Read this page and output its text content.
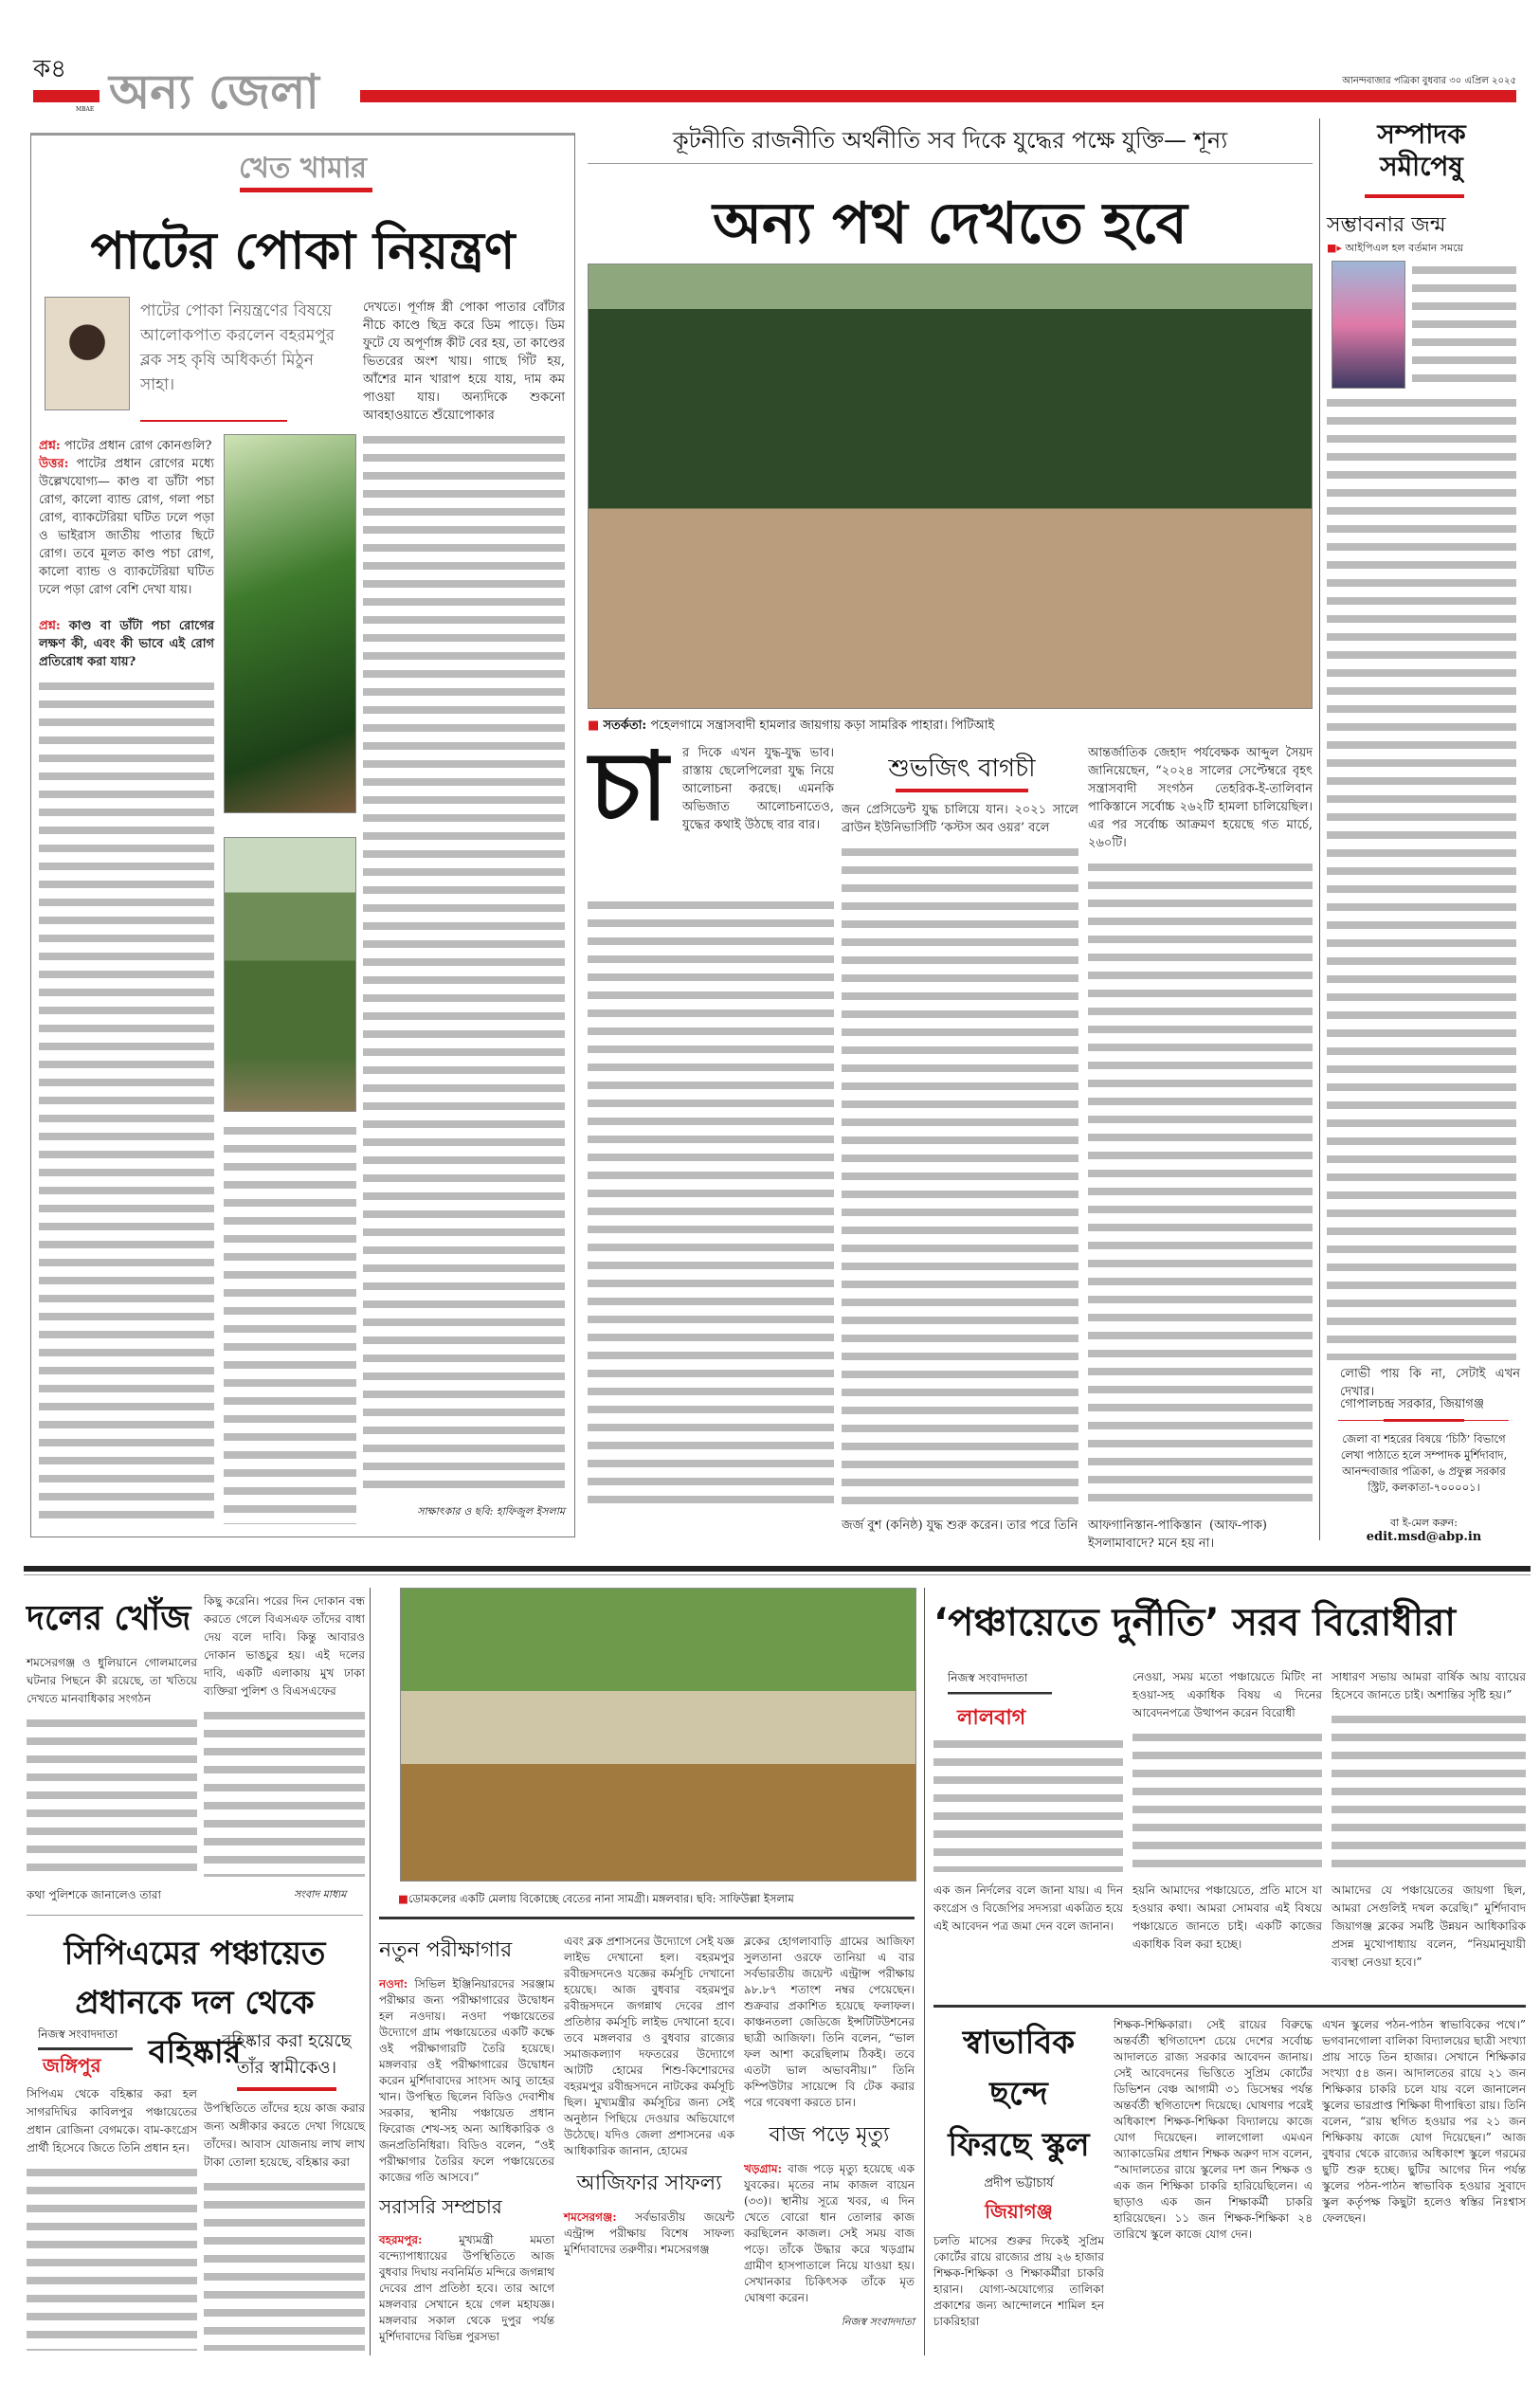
ক৪
MBAE অন্য জেলা	আনন্দবাজার পত্রিকা বুধবার ৩০ এপ্রিল ২০২৫
খেত খামার
পাটের পোকা নিয়ন্ত্রণ
পাটের পোকা নিয়ন্ত্রণের বিষয়ে আলোকপাত করলেন বহরমপুর ব্লক সহ কৃষি অধিকর্তা মিঠুন সাহা।
দেখতে। পূর্ণাঙ্গ স্ত্রী পোকা পাতার বোঁটার নীচে কাণ্ডে ছিদ্র করে ডিম পাড়ে। ডিম ফুটে যে অপূর্ণাঙ্গ কীট বের হয়, তা কাণ্ডের ভিতরের অংশ খায়। গাছে গিঁট হয়, আঁশের মান খারাপ হয়ে যায়, দাম কম পাওয়া যায়। অন্যদিকে শুকনো আবহাওয়াতে শুঁয়োপোকার
সাক্ষাৎকার ও ছবি: হাফিজুল ইসলাম
প্রশ্ন: পাটের প্রধান রোগ কোনগুলি?
উত্তর: পাটের প্রধান রোগের মধ্যে উল্লেখযোগ্য— কাণ্ড বা ডাঁটা পচা রোগ, কালো ব্যান্ড রোগ, গলা পচা রোগ, ব্যাকটেরিয়া ঘটিত ঢলে পড়া ও ভাইরাস জাতীয় পাতার ছিটে রোগ। তবে মূলত কাণ্ড পচা রোগ, কালো ব্যান্ড ও ব্যাকটেরিয়া ঘটিত ঢলে পড়া রোগ বেশি দেখা যায়।

প্রশ্ন: কাণ্ড বা ডাঁটা পচা রোগের লক্ষণ কী, এবং কী ভাবে এই রোগ প্রতিরোধ করা যায়?
কূটনীতি রাজনীতি অর্থনীতি সব দিকে যুদ্ধের পক্ষে যুক্তি— শূন্য
অন্য পথ দেখতে হবে
■ সতর্কতা: পহেলগামে সন্ত্রাসবাদী হামলার জায়গায় কড়া সামরিক পাহারা। পিটিআই
চা র দিকে এখন যুদ্ধ-যুদ্ধ ভাব। রাস্তায় ছেলেপিলেরা যুদ্ধ নিয়ে আলোচনা করছে। এমনকি অভিজাত আলোচনাতেও, যুদ্ধের কথাই উঠছে বার বার।
শুভজিৎ বাগচী
জন প্রেসিডেন্ট যুদ্ধ চালিয়ে যান। ২০২১ সালে ব্রাউন ইউনিভার্সিটি ‘কস্টস অব ওয়র’ বলে
আন্তর্জাতিক জেহাদ পর্যবেক্ষক আব্দুল সৈয়দ জানিয়েছেন, “২০২৪ সালের সেপ্টেম্বরে বৃহৎ সন্ত্রাসবাদী সংগঠন তেহরিক-ই-তালিবান পাকিস্তানে সর্বোচ্চ ২৬২টি হামলা চালিয়েছিল। এর পর সর্বোচ্চ আক্রমণ হয়েছে গত মার্চে, ২৬০টি।
জর্জ বুশ (কনিষ্ঠ) যুদ্ধ শুরু করেন। তার পরে তিনি আফগানিস্তান-পাকিস্তান (আফ-পাক)
ইসলামাবাদে? মনে হয় না।
সম্পাদক
সমীপেষু
সম্ভাবনার জন্ম
■▸ আইপিএল হল বর্তমান সময়ে
লোভী পায় কি না, সেটাই এখন দেখার।
গোপালচন্দ্র সরকার, জিয়াগঞ্জ
জেলা বা শহরের বিষয়ে ‘চিঠি’ বিভাগে লেখা পাঠাতে হলে সম্পাদক মুর্শিদাবাদ, আনন্দবাজার পত্রিকা, ৬ প্রফুল্ল সরকার স্ট্রিট, কলকাতা-৭০০০০১।
বা ই-মেল করুন:
edit.msd@abp.in
দলের খোঁজ
শমসেরগঞ্জ ও ধুলিয়ানে গোলমালের ঘটনার পিছনে কী রয়েছে, তা খতিয়ে দেখতে মানবাধিকার সংগঠন
কিছু করেনি। পরের দিন দোকান বন্ধ করতে গেলে বিএসএফ তাঁদের বাধা দেয় বলে দাবি। কিন্তু আবারও দোকান ভাঙচুর হয়। এই দলের দাবি, একটি এলাকায় মুখ ঢাকা ব্যক্তিরা পুলিশ ও বিএসএফের
কথা পুলিশকে জানালেও তারা	সংবাদ মাধ্যম	■ডোমকলের একটি মেলায় বিকোচ্ছে বেতের নানা সামগ্রী। মঙ্গলবার। ছবি: সাফিউল্লা ইসলাম
‘পঞ্চায়েতে দুর্নীতি’ সরব বিরোধীরা
নিজস্ব সংবাদদাতা
লালবাগ
নেওয়া, সময় মতো পঞ্চায়েতে মিটিং না হওয়া-সহ একাধিক বিষয় এ দিনের আবেদনপত্রে উত্থাপন করেন বিরোধী
সাধারণ সভায় আমরা বার্ষিক আয় ব্যায়ের হিসেবে জানতে চাই। অশান্তির সৃষ্টি হয়।”
এক জন নির্দলের বলে জানা যায়। এ দিন কংগ্রেস ও বিজেপির সদস্যরা একত্রিত হয়ে এই আবেদন পত্র জমা দেন বলে জানান।
হয়নি আমাদের পঞ্চায়েতে, প্রতি মাসে যা হওয়ার কথা। আমরা সোমবার এই বিষয়ে পঞ্চায়েতে জানতে চাই। একটি কাজের একাধিক বিল করা হচ্ছে।
আমাদের যে পঞ্চায়েতের জায়গা ছিল, আমরা সেগুলিই দখল করেছি।” মুর্শিদাবাদ জিয়াগঞ্জ ব্লকের সমষ্টি উন্নয়ন আধিকারিক প্রসন্ন মুখোপাধ্যায় বলেন, “নিয়মানুযায়ী ব্যবস্থা নেওয়া হবে।”
সিপিএমের পঞ্চায়েত প্রধানকে দল থেকে বহিষ্কার
নিজস্ব সংবাদদাতা
জঙ্গিপুর
বহিষ্কার করা হয়েছে তাঁর স্বামীকেও।
সিপিএম থেকে বহিষ্কার করা হল সাগরদিঘির কাবিলপুর পঞ্চায়েতের প্রধান রোজিনা বেগমকে। বাম-কংগ্রেস প্রার্থী হিসেবে জিতে তিনি প্রধান হন।
উপস্থিতিতে তাঁদের হয়ে কাজ করার জন্য অঙ্গীকার করতে দেখা গিয়েছে তাঁদের। আবাস যোজনায় লাখ লাখ টাকা তোলা হয়েছে, বহিষ্কার করা
নতুন পরীক্ষাগার
নওদা: সিভিল ইঞ্জিনিয়ারদের সরঞ্জাম পরীক্ষার জন্য পরীক্ষাগারের উদ্বোধন হল নওদায়। নওদা পঞ্চায়েতের উদ্যোগে গ্রাম পঞ্চায়েতের একটি কক্ষে ওই পরীক্ষাগারটি তৈরি হয়েছে। মঙ্গলবার ওই পরীক্ষাগারের উদ্বোধন করেন মুর্শিদাবাদের সাংসদ আবু তাহের খান। উপস্থিত ছিলেন বিডিও দেবাশীষ সরকার, স্থানীয় পঞ্চায়েত প্রধান ফিরোজ শেখ-সহ অন্য আধিকারিক ও জনপ্রতিনিধিরা। বিডিও বলেন, “ওই পরীক্ষাগার তৈরির ফলে পঞ্চায়েতের কাজের গতি আসবে।”
সরাসরি সম্প্রচার
বহরমপুর:	মুখ্যমন্ত্রী মমতা বন্দ্যোপাধ্যায়ের উপস্থিতিতে আজ বুধবার দিঘায় নবনির্মিত মন্দিরে জগন্নাথ দেবের প্রাণ প্রতিষ্ঠা হবে। তার আগে মঙ্গলবার সেখানে হয়ে গেল মহাযজ্ঞ। মঙ্গলবার সকাল থেকে দুপুর পর্যন্ত মুর্শিদাবাদের বিভিন্ন পুরসভা
এবং ব্লক প্রশাসনের উদ্যোগে সেই যজ্ঞ লাইভ দেখানো হল। বহরমপুর রবীন্দ্রসদনেও যজ্ঞের কর্মসূচি দেখানো হয়েছে। আজ বুধবার বহরমপুর রবীন্দ্রসদনে জগন্নাথ দেবের প্রাণ প্রতিষ্ঠার কর্মসূচি লাইভ দেখানো হবে। তবে মঙ্গলবার ও বুধবার রাজ্যের সমাজকল্যাণ দফতরের উদ্যোগে আটটি হোমের শিশু-কিশোরদের বহরমপুর রবীন্দ্রসদনে নাটকের কর্মসূচি ছিল। মুখ্যমন্ত্রীর কর্মসূচির জন্য সেই অনুষ্ঠান পিছিয়ে দেওয়ার অভিযোগে উঠেছে। যদিও জেলা প্রশাসনের এক আধিকারিক জানান, হোমের
আজিফার সাফল্য
শমসেরগঞ্জ: সর্বভারতীয় জয়েন্ট এন্ট্রান্স পরীক্ষায় বিশেষ সাফল্য মুর্শিদাবাদের তরুণীর। শমসেরগঞ্জ
ব্লকের হোগলাবাড়ি গ্রামের আজিফা সুলতানা ওরফে তানিয়া এ বার সর্বভারতীয় জয়েন্ট এন্ট্রান্স পরীক্ষায় ৯৮.৮৭ শতাংশ নম্বর পেয়েছেন। শুক্রবার প্রকাশিত হয়েছে ফলাফল। কাঞ্চনতলা জেডিজে ইন্সটিটিউশনের ছাত্রী আজিফা। তিনি বলেন, “ভাল ফল আশা করেছিলাম ঠিকই। তবে এতটা ভাল অভাবনীয়।” তিনি কম্পিউটার সায়েন্সে বি টেক করার পরে গবেষণা করতে চান।
বাজ পড়ে মৃত্যু
খড়গ্রাম: বাজ পড়ে মৃত্যু হয়েছে এক যুবকের। মৃতের নাম কাজল বায়েন (৩৩)। স্থানীয় সূত্রে খবর, এ দিন খেতে বোরো ধান তোলার কাজ করছিলেন কাজল। সেই সময় বাজ পড়ে। তাঁকে উদ্ধার করে খড়গ্রাম গ্রামীণ হাসপাতালে নিয়ে যাওয়া হয়। সেখানকার চিকিৎসক তাঁকে মৃত ঘোষণা করেন।
নিজস্ব সংবাদদাতা
স্বাভাবিক
ছন্দে
ফিরছে স্কুল
প্রদীপ ভট্টাচার্য
জিয়াগঞ্জ
চলতি মাসের শুরুর দিকেই সুপ্রিম কোর্টের রায়ে রাজ্যের প্রায় ২৬ হাজার শিক্ষক-শিক্ষিকা ও শিক্ষাকর্মীরা চাকরি হারান। যোগ্য-অযোগ্যের তালিকা প্রকাশের জন্য আন্দোলনে শামিল হন চাকরিহারা
শিক্ষক-শিক্ষিকারা। সেই রায়ের বিরুদ্ধে অন্তর্বর্তী স্থগিতাদেশ চেয়ে দেশের সর্বোচ্চ আদালতে রাজ্য সরকার আবেদন জানায়। সেই আবেদনের ভিত্তিতে সুপ্রিম কোর্টের ডিভিশন বেঞ্চ আগামী ৩১ ডিসেম্বর পর্যন্ত অন্তর্বর্তী স্থগিতাদেশ দিয়েছে। ঘোষণার পরেই অধিকাংশ শিক্ষক-শিক্ষিকা বিদ্যালয়ে কাজে যোগ দিয়েছেন। লালগোলা এমএন অ্যাকাডেমির প্রধান শিক্ষক অরুণ দাস বলেন, “আদালতের রায়ে স্কুলের দশ জন শিক্ষক ও এক জন শিক্ষিকা চাকরি হারিয়েছিলেন। এ ছাড়াও এক জন শিক্ষাকর্মী চাকরি হারিয়েছেন। ১১ জন শিক্ষক-শিক্ষিকা ২৪ তারিখে স্কুলে কাজে যোগ দেন।
এখন স্কুলের পঠন-পাঠন স্বাভাবিকের পথে।” ভগবানগোলা বালিকা বিদ্যালয়ের ছাত্রী সংখ্যা প্রায় সাড়ে তিন হাজার। সেখানে শিক্ষিকার সংখ্যা ৫৪ জন। আদালতের রায়ে ২১ জন শিক্ষিকার চাকরি চলে যায় বলে জানালেন স্কুলের ভারপ্রাপ্ত শিক্ষিকা দীপান্বিতা রায়। তিনি বলেন, “রায় স্থগিত হওয়ার পর ২১ জন শিক্ষিকায় কাজে যোগ দিয়েছেন।” আজ বুধবার থেকে রাজ্যের অধিকাংশ স্কুলে গরমের ছুটি শুরু হচ্ছে। ছুটির আগের দিন পর্যন্ত স্কুলের পঠন-পাঠন স্বাভাবিক হওয়ার সুবাদে স্কুল কর্তৃপক্ষ কিছুটা হলেও স্বস্তির নিঃশ্বাস ফেলছেন।
